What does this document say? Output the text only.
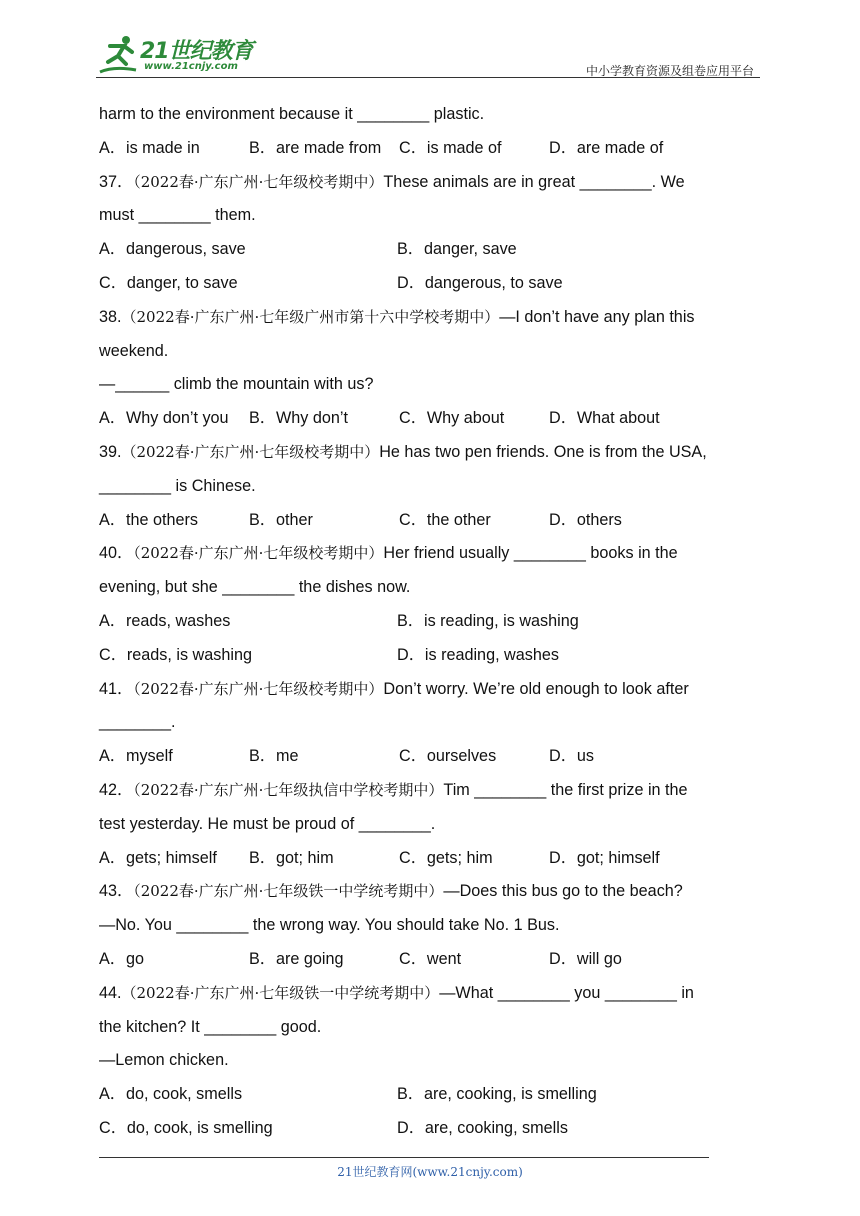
21世纪教育
www.21cnjy.com	中小学教育资源及组卷应用平台
harm to the environment because it ________ plastic.
A．is made in	B．are made from C．is made of	D．are made of
37．（2022春·广东广州·七年级校考期中）These animals are in great ________. We
must ________ them.
A．dangerous, save	B．danger, save
C．danger, to save	D．dangerous, to save
38.（2022春·广东广州·七年级广州市第十六中学校考期中）—I don’t have any plan this
weekend.
—______ climb the mountain with us?
A．Why don’t you B．Why don’t	C．Why about	D．What about
39.（2022春·广东广州·七年级校考期中）He has two pen friends. One is from the USA,
________ is Chinese.
A．the others	B．other	C．the other	D．others
40．（2022春·广东广州·七年级校考期中）Her friend usually ________ books in the
evening, but she ________ the dishes now.
A．reads, washes	B．is reading, is washing
C．reads, is washing	D．is reading, washes
41．（2022春·广东广州·七年级校考期中）Don’t worry. We’re old enough to look after
________.
A．myself	B．me	C．ourselves	D．us
42．（2022春·广东广州·七年级执信中学校考期中）Tim ________ the first prize in the
test yesterday. He must be proud of ________.
A．gets; himself B．got; him	C．gets; him	D．got; himself
43．（2022春·广东广州·七年级铁一中学统考期中）—Does this bus go to the beach?
—No. You ________ the wrong way. You should take No. 1 Bus.
A．go	B．are going	C．went	D．will go
44.（2022春·广东广州·七年级铁一中学统考期中）—What ________ you ________ in
the kitchen? It ________ good.
—Lemon chicken.
A．do, cook, smells	B．are, cooking, is smelling
C．do, cook, is smelling	D．are, cooking, smells
21世纪教育网(www.21cnjy.com)
